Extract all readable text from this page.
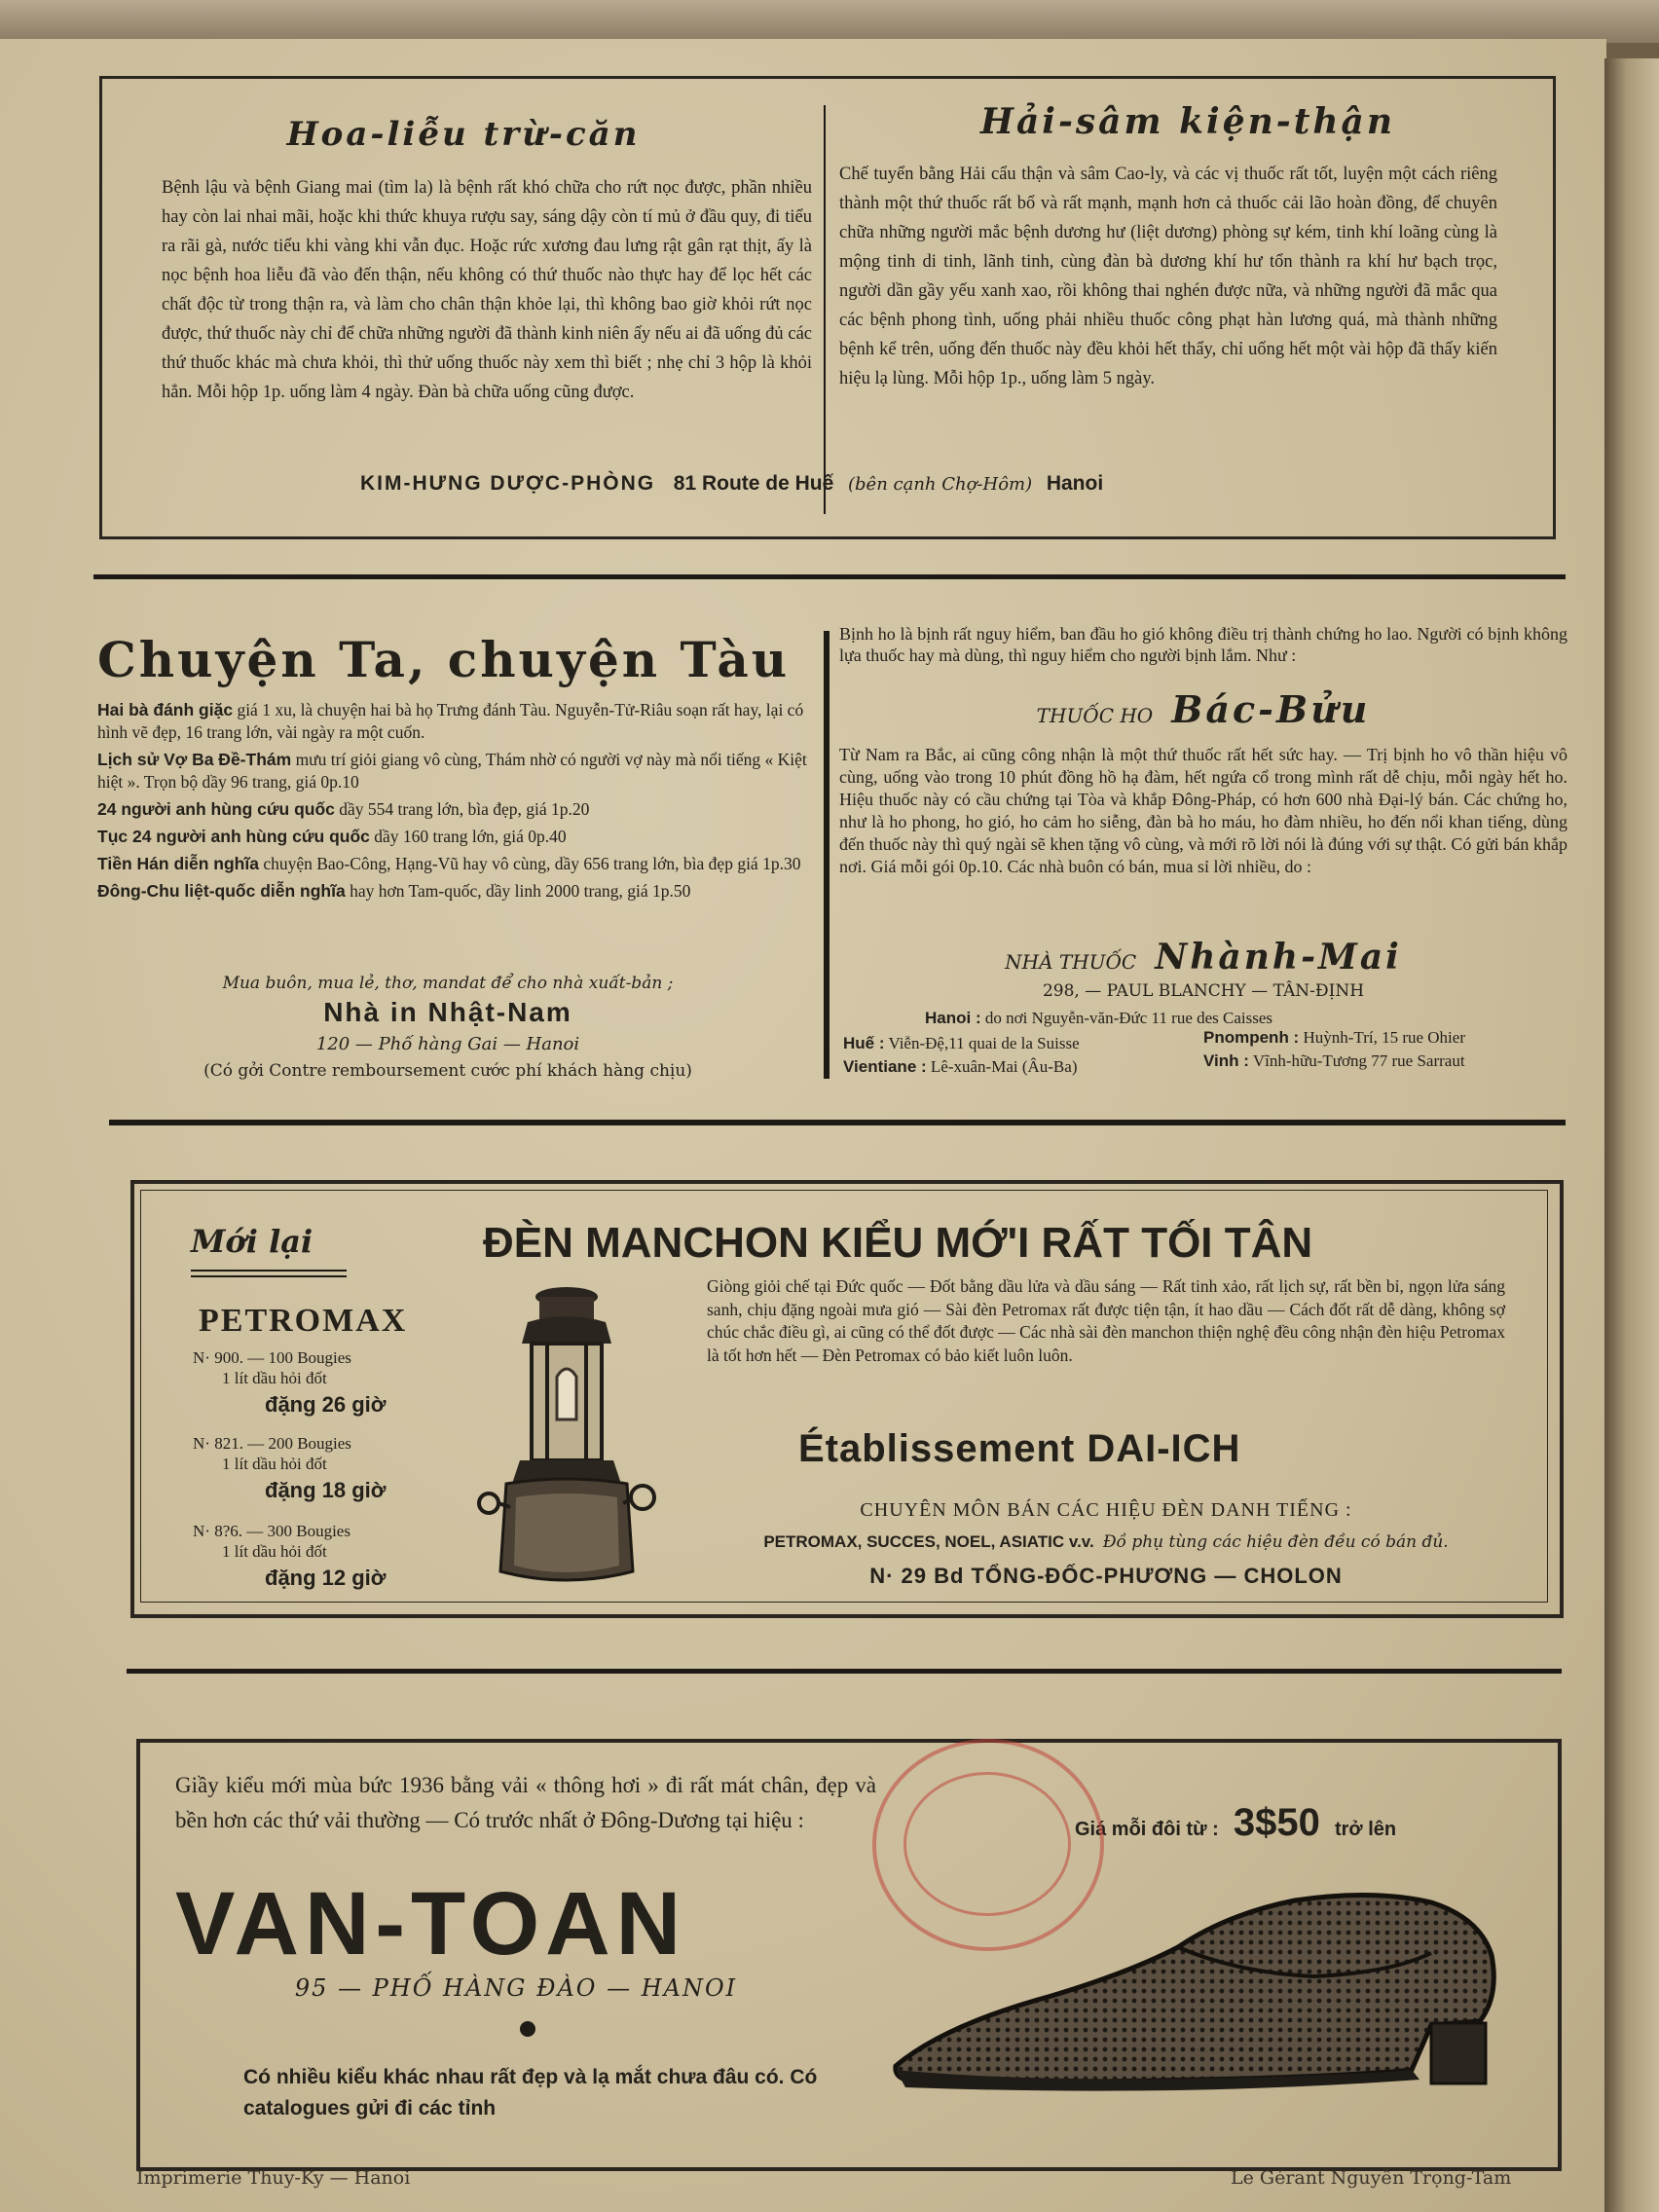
Hoa-liễu trừ-căn
Bệnh lậu và bệnh Giang mai (tìm la) là bệnh rất khó chữa cho rứt nọc được, phần nhiều hay còn lai nhai mãi, hoặc khi thức khuya rượu say, sáng dậy còn tí mủ ở đầu quy, đi tiểu ra rãi gà, nước tiểu khi vàng khi vẫn đục. Hoặc rức xương đau lưng rật gân rạt thịt, ấy là nọc bệnh hoa liễu đã vào đến thận, nếu không có thứ thuốc nào thực hay để lọc hết các chất độc từ trong thận ra, và làm cho chân thận khỏe lại, thì không bao giờ khỏi rứt nọc được, thứ thuốc này chỉ để chữa những người đã thành kinh niên ấy nếu ai đã uống đủ các thứ thuốc khác mà chưa khỏi, thì thử uống thuốc này xem thì biết ; nhẹ chỉ 3 hộp là khỏi hẳn. Mỗi hộp 1p. uống làm 4 ngày. Đàn bà chữa uống cũng được.
Hải-sâm kiện-thận
Chế tuyển bằng Hải cẩu thận và sâm Cao-ly, và các vị thuốc rất tốt, luyện một cách riêng thành một thứ thuốc rất bổ và rất mạnh, mạnh hơn cả thuốc cải lão hoàn đồng, để chuyên chữa những người mắc bệnh dương hư (liệt dương) phòng sự kém, tinh khí loãng cùng là mộng tinh di tinh, lãnh tinh, cùng đàn bà dương khí hư tổn thành ra khí hư bạch trọc, người dần gầy yếu xanh xao, rồi không thai nghén được nữa, và những người đã mắc qua các bệnh phong tình, uống phải nhiều thuốc công phạt hàn lương quá, mà thành những bệnh kể trên, uống đến thuốc này đều khỏi hết thẩy, chỉ uống hết một vài hộp đã thấy kiến hiệu lạ lùng. Mỗi hộp 1p., uống làm 5 ngày.
KIM-HƯNG DƯỢC-PHÒNG 81 Route de Huế (bên cạnh Chợ-Hôm) Hanoi
Chuyện Ta, chuyện Tàu

Hai bà đánh giặc giá 1 xu, là chuyện hai bà họ Trưng đánh Tàu. Nguyễn-Tử-Riâu soạn rất hay, lại có hình vẽ đẹp, 16 trang lớn, vài ngày ra một cuốn.

Lịch sử Vợ Ba Đề-Thám mưu trí giỏi giang vô cùng, Thám nhờ có người vợ này mà nổi tiếng « Kiệt hiệt ». Trọn bộ dầy 96 trang, giá 0p.10

24 người anh hùng cứu quốc dầy 554 trang lớn, bìa đẹp, giá 1p.20

Tục 24 người anh hùng cứu quốc dầy 160 trang lớn, giá 0p.40

Tiền Hán diễn nghĩa chuyện Bao-Công, Hạng-Vũ hay vô cùng, dầy 656 trang lớn, bìa đẹp giá 1p.30

Đông-Chu liệt-quốc diễn nghĩa hay hơn Tam-quốc, dầy linh 2000 trang, giá 1p.50

Mua buôn, mua lẻ, thơ, mandat để cho nhà xuất-bản ;
Nhà in Nhật-Nam
120 — Phố hàng Gai — Hanoi
(Có gởi Contre remboursement cước phí khách hàng chịu)
Bịnh ho là bịnh rất nguy hiểm, ban đầu ho gió không điều trị thành chứng ho lao. Người có bịnh không lựa thuốc hay mà dùng, thì nguy hiểm cho người bịnh lắm. Như :
THUỐC HO Bác-Bửu
Từ Nam ra Bắc, ai cũng công nhận là một thứ thuốc rất hết sức hay. — Trị bịnh ho vô thần hiệu vô cùng, uống vào trong 10 phút đồng hồ hạ đàm, hết ngứa cổ trong mình rất dễ chịu, mỗi ngày hết ho. Hiệu thuốc này có cầu chứng tại Tòa và khắp Đông-Pháp, có hơn 600 nhà Đại-lý bán. Các chứng ho, như là ho phong, ho gió, ho cảm ho siễng, đàn bà ho máu, ho đàm nhiều, ho đến nổi khan tiếng, dùng đến thuốc này thì quý ngài sẽ khen tặng vô cùng, và mới rõ lời nói là đúng với sự thật. Có gửi bán khắp nơi. Giá mỗi gói 0p.10. Các nhà buôn có bán, mua sỉ lời nhiều, do :
NHÀ THUỐC Nhành-Mai
298, — PAUL BLANCHY — TÂN-ĐỊNH
Hanoi : do nơi Nguyễn-văn-Đức 11 rue des Caisses
Huế : Viễn-Đệ,11 quai de la Suisse	Pnompenh : Huỳnh-Trí, 15 rue Ohier
Vientiane : Lê-xuân-Mai (Âu-Ba)	Vinh : Vĩnh-hữu-Tương 77 rue Sarraut
Mới lại
PETROMAX
N· 900. — 100 Bougies
1 lít dầu hỏi đốt
đặng 26 giờ
N· 821. — 200 Bougies
1 lít dầu hỏi đốt
đặng 18 giờ
N· 8?6. — 300 Bougies
1 lít dầu hỏi đốt
đặng 12 giờ
ĐÈN MANCHON KIỂU MỚ'I RẤT TỐI TÂN
Giòng giỏi chế tại Đức quốc — Đốt bằng dầu lửa và dầu sáng — Rất tinh xảo, rất lịch sự, rất bền bỉ, ngọn lửa sáng sanh, chịu đặng ngoài mưa gió — Sài đèn Petromax rất được tiện tận, ít hao dầu — Cách đốt rất dễ dàng, không sợ chúc chắc điều gì, ai cũng có thể đốt được — Các nhà sài đèn manchon thiện nghệ đều công nhận đèn hiệu Petromax là tốt hơn hết — Đèn Petromax có bảo kiết luôn luôn.
Établissement DAI-ICH
CHUYÊN MÔN BÁN CÁC HIỆU ĐÈN DANH TIẾNG :
PETROMAX, SUCCES, NOEL, ASIATIC v.v. Đồ phụ tùng các hiệu đèn đều có bán đủ.
N· 29 Bd TỔNG-ĐỐC-PHƯƠNG — CHOLON
Giầy kiểu mới mùa bức 1936 bằng vải « thông hơi » đi rất mát chân, đẹp và bền hơn các thứ vải thường — Có trước nhất ở Đông-Dương tại hiệu :	Giá mỗi đôi từ : 3$50 trở lên
VAN-TOAN
95 — PHỐ HÀNG ĐÀO — HANOI
Có nhiều kiểu khác nhau rất đẹp và lạ mắt chưa đâu có. Có catalogues gửi đi các tỉnh
Imprimerie Thuy-Ky — Hanoi	Le Gérant Nguyễn Trọng-Tam
